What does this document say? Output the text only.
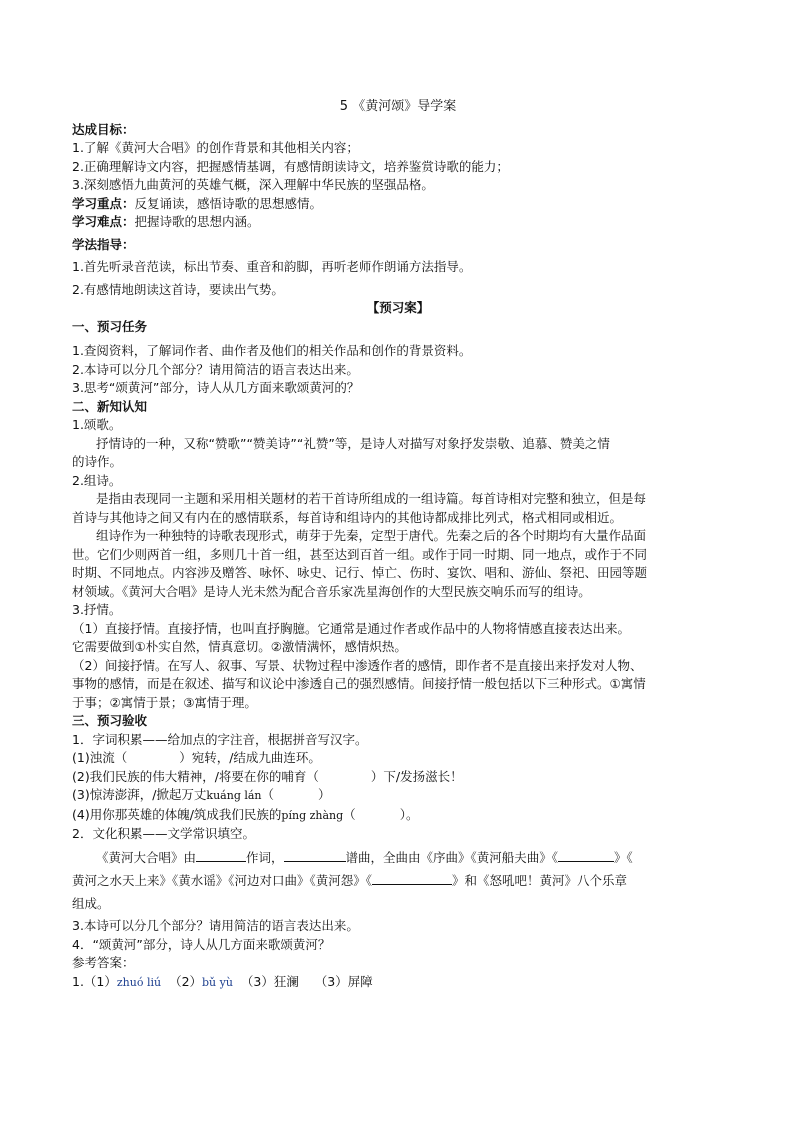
5 《黄河颂》导学案

达成目标：

1.了解《黄河大合唱》的创作背景和其他相关内容；

2.正确理解诗文内容，把握感情基调，有感情朗读诗文，培养鉴赏诗歌的能力；

3.深刻感悟九曲黄河的英雄气概，深入理解中华民族的坚强品格。

学习重点：反复诵读，感悟诗歌的思想感情。

学习难点：把握诗歌的思想内涵。

学法指导：

1.首先听录音范读，标出节奏、重音和韵脚，再听老师作朗诵方法指导。

2.有感情地朗读这首诗，要读出气势。

【预习案】

一、预习任务

1.查阅资料，了解词作者、曲作者及他们的相关作品和创作的背景资料。

2.本诗可以分几个部分？请用简洁的语言表达出来。

3.思考“颂黄河”部分，诗人从几方面来歌颂黄河的？

二、新知认知

1.颂歌。

抒情诗的一种，又称“赞歌”“赞美诗”“礼赞”等，是诗人对描写对象抒发崇敬、追慕、赞美之情

的诗作。

2.组诗。

是指由表现同一主题和采用相关题材的若干首诗所组成的一组诗篇。每首诗相对完整和独立，但是每

首诗与其他诗之间又有内在的感情联系，每首诗和组诗内的其他诗都成排比列式，格式相同或相近。

组诗作为一种独特的诗歌表现形式，萌芽于先秦，定型于唐代。先秦之后的各个时期均有大量作品面

世。它们少则两首一组，多则几十首一组，甚至达到百首一组。或作于同一时期、同一地点，或作于不同

时期、不同地点。内容涉及赠答、咏怀、咏史、记行、悼亡、伤时、宴饮、唱和、游仙、祭祀、田园等题

材领域。《黄河大合唱》是诗人光未然为配合音乐家冼星海创作的大型民族交响乐而写的组诗。

3.抒情。

（1）直接抒情。直接抒情，也叫直抒胸臆。它通常是通过作者或作品中的人物将情感直接表达出来。

它需要做到①朴实自然，情真意切。②激情满怀，感情炽热。

（2）间接抒情。在写人、叙事、写景、状物过程中渗透作者的感情，即作者不是直接出来抒发对人物、

事物的感情，而是在叙述、描写和议论中渗透自己的强烈感情。间接抒情一般包括以下三种形式。①寓情

于事；②寓情于景；③寓情于理。

三、预习验收

1．字词积累——给加点的字注音，根据拼音写汉字。

(1)浊流（	）宛转，/结成九曲连环。

(2)我们民族的伟大精神，/将要在你的哺育（	）下/发扬滋长！

(3)惊涛澎湃，/掀起万丈kuáng lán（	）

(4)用你那英雄的体魄/筑成我们民族的píng zhàng（	）。

2．文化积累——文学常识填空。

《黄河大合唱》由	作词，	谱曲，全曲由《序曲》《黄河船夫曲》《	》《

黄河之水天上来》《黄水谣》《河边对口曲》《黄河怨》《	》和《怒吼吧！黄河》八个乐章

组成。

3.本诗可以分几个部分？请用简洁的语言表达出来。

4．“颂黄河”部分，诗人从几方面来歌颂黄河？

参考答案：

1.（1）zhuó liú （2）bǔ yù （3）狂澜 （3）屏障
